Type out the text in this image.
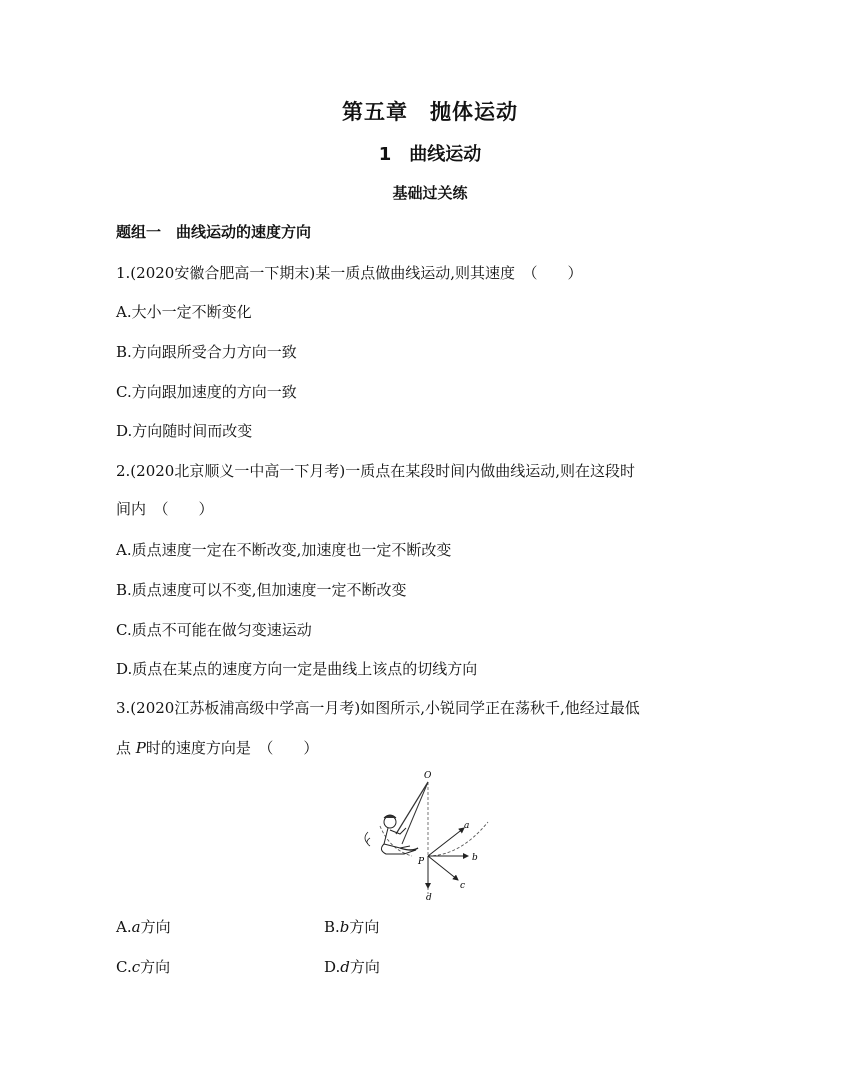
第五章　抛体运动
1　曲线运动
基础过关练
题组一　曲线运动的速度方向
1.(2020安徽合肥高一下期末)某一质点做曲线运动,则其速度　（　　）
A.大小一定不断变化
B.方向跟所受合力方向一致
C.方向跟加速度的方向一致
D.方向随时间而改变
2.(2020北京顺义一中高一下月考)一质点在某段时间内做曲线运动,则在这段时
间内　（　　）
A.质点速度一定在不断改变,加速度也一定不断改变
B.质点速度可以不变,但加速度一定不断改变
C.质点不可能在做匀变速运动
D.质点在某点的速度方向一定是曲线上该点的切线方向
3.(2020江苏板浦高级中学高一月考)如图所示,小锐同学正在荡秋千,他经过最低
点 P时的速度方向是　（　　）
O
P
a
b
c
d
A.a方向	B.b方向
C.c方向	D.d方向
